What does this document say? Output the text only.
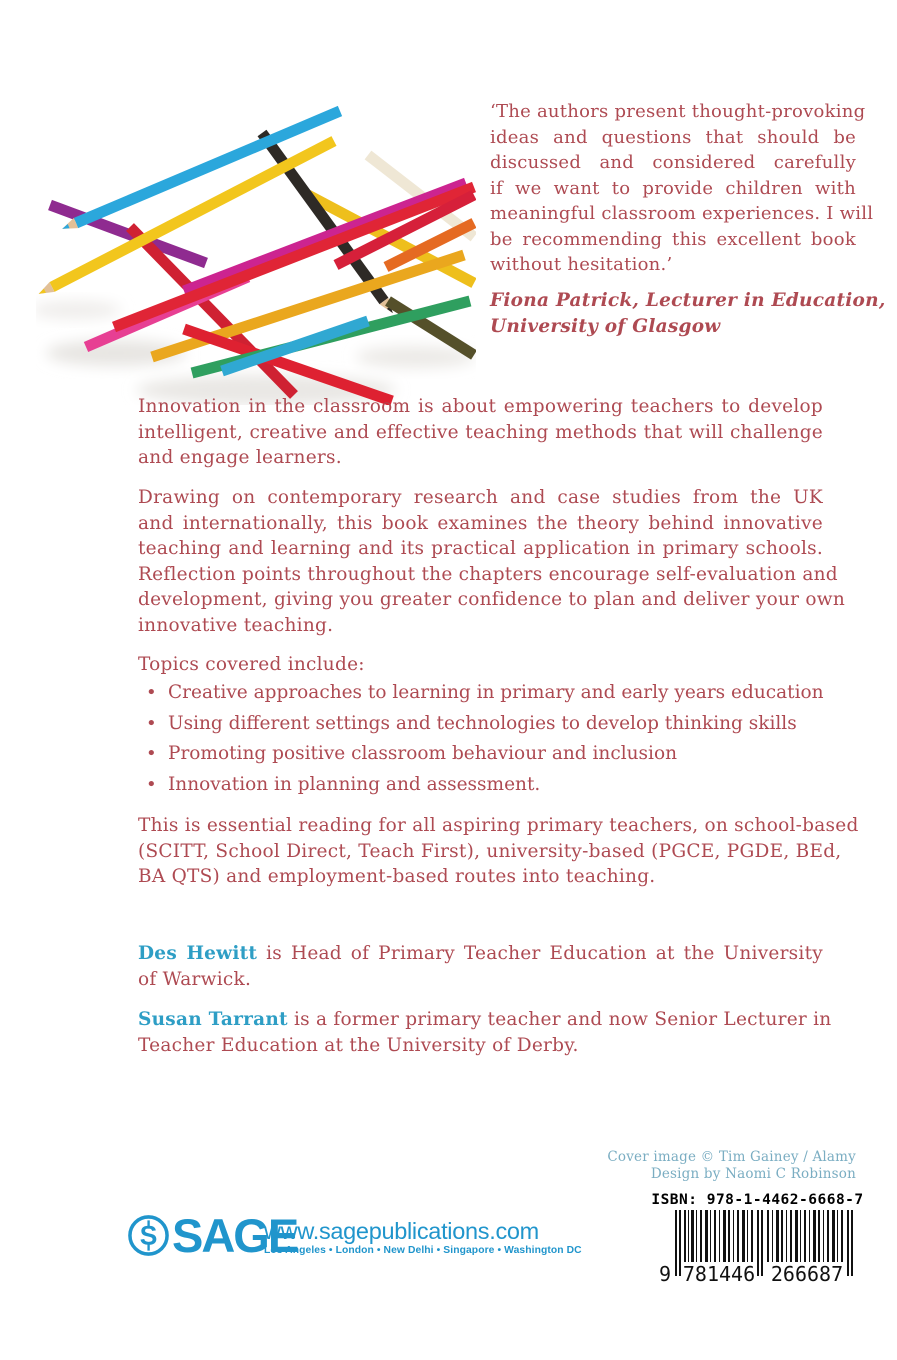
‘The authors present thought-provoking
ideas and questions that should be
discussed and considered carefully
if we want to provide children with
meaningful classroom experiences. I will
be recommending this excellent book
without hesitation.’
Fiona Patrick, Lecturer in Education,
University of Glasgow
Innovation in the classroom is about empowering teachers to develop
intelligent, creative and effective teaching methods that will challenge
and engage learners.
Drawing on contemporary research and case studies from the UK
and internationally, this book examines the theory behind innovative
teaching and learning and its practical application in primary schools.
Reflection points throughout the chapters encourage self-evaluation and
development, giving you greater confidence to plan and deliver your own
innovative teaching.
Topics covered include:
•
Creative approaches to learning in primary and early years education
•
Using different settings and technologies to develop thinking skills
•
Promoting positive classroom behaviour and inclusion
•
Innovation in planning and assessment.
This is essential reading for all aspiring primary teachers, on school-based
(SCITT, School Direct, Teach First), university-based (PGCE, PGDE, BEd,
BA QTS) and employment-based routes into teaching.
Des Hewitt is Head of Primary Teacher Education at the University
of Warwick.
Susan Tarrant is a former primary teacher and now Senior Lecturer in
Teacher Education at the University of Derby.
Cover image © Tim Gainey / Alamy
Design by Naomi C Robinson
ISBN: 978-1-4462-6668-7
9 781446 266687
S SAGE
www.sagepublications.com
Los Angeles • London • New Delhi • Singapore • Washington DC
